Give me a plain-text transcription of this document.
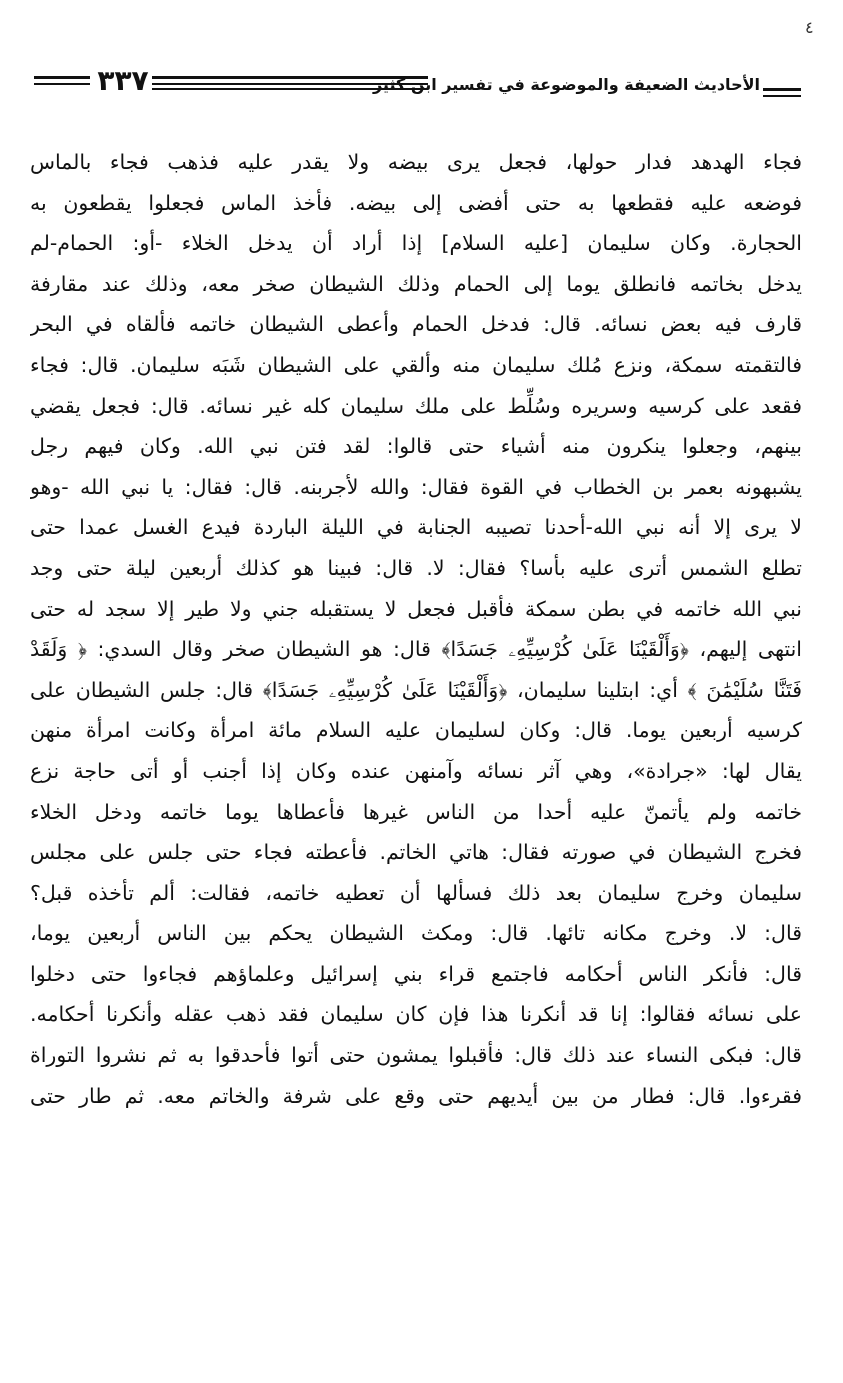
٤
٣٣٧	الأحاديث الضعيفة والموضوعة في تفسير ابن كثير
فجاء الهدهد فدار حولها، فجعل يرى بيضه ولا يقدر عليه فذهب فجاء بالماس
فوضعه عليه فقطعها به حتى أفضى إلى بيضه. فأخذ الماس فجعلوا يقطعون به
الحجارة. وكان سليمان [عليه السلام] إذا أراد أن يدخل الخلاء -أو: الحمام-لم
يدخل بخاتمه فانطلق يوما إلى الحمام وذلك الشيطان صخر معه، وذلك عند مقارفة
قارف فيه بعض نسائه. قال: فدخل الحمام وأعطى الشيطان خاتمه فألقاه في البحر
فالتقمته سمكة، ونزع مُلك سليمان منه وألقي على الشيطان شَبَه سليمان. قال: فجاء
فقعد على كرسيه وسريره وسُلِّط على ملك سليمان كله غير نسائه. قال: فجعل يقضي
بينهم، وجعلوا ينكرون منه أشياء حتى قالوا: لقد فتن نبي الله. وكان فيهم رجل
يشبهونه بعمر بن الخطاب في القوة فقال: والله لأجربنه. قال: فقال: يا نبي الله -وهو
لا يرى إلا أنه نبي الله-أحدنا تصيبه الجنابة في الليلة الباردة فيدع الغسل عمدا حتى
تطلع الشمس أترى عليه بأسا؟ فقال: لا. قال: فبينا هو كذلك أربعين ليلة حتى وجد
نبي الله خاتمه في بطن سمكة فأقبل فجعل لا يستقبله جني ولا طير إلا سجد له حتى
انتهى إليهم، ﴿وَأَلْقَيْنَا عَلَىٰ كُرْسِيِّهِۦ جَسَدًا﴾ قال: هو الشيطان صخر وقال السدي: ﴿ وَلَقَدْ
فَتَنَّا سُلَيْمَٰنَ ﴾ أي: ابتلينا سليمان، ﴿وَأَلْقَيْنَا عَلَىٰ كُرْسِيِّهِۦ جَسَدًا﴾ قال: جلس الشيطان على
كرسيه أربعين يوما. قال: وكان لسليمان عليه السلام مائة امرأة وكانت امرأة منهن
يقال لها: «جرادة»، وهي آثر نسائه وآمنهن عنده وكان إذا أجنب أو أتى حاجة نزع
خاتمه ولم يأتمنّ عليه أحدا من الناس غيرها فأعطاها يوما خاتمه ودخل الخلاء
فخرج الشيطان في صورته فقال: هاتي الخاتم. فأعطته فجاء حتى جلس على مجلس
سليمان وخرج سليمان بعد ذلك فسألها أن تعطيه خاتمه، فقالت: ألم تأخذه قبل؟
قال: لا. وخرج مكانه تائها. قال: ومكث الشيطان يحكم بين الناس أربعين يوما،
قال: فأنكر الناس أحكامه فاجتمع قراء بني إسرائيل وعلماؤهم فجاءوا حتى دخلوا
على نسائه فقالوا: إنا قد أنكرنا هذا فإن كان سليمان فقد ذهب عقله وأنكرنا أحكامه.
قال: فبكى النساء عند ذلك قال: فأقبلوا يمشون حتى أتوا فأحدقوا به ثم نشروا التوراة
فقرءوا. قال: فطار من بين أيديهم حتى وقع على شرفة والخاتم معه. ثم طار حتى
